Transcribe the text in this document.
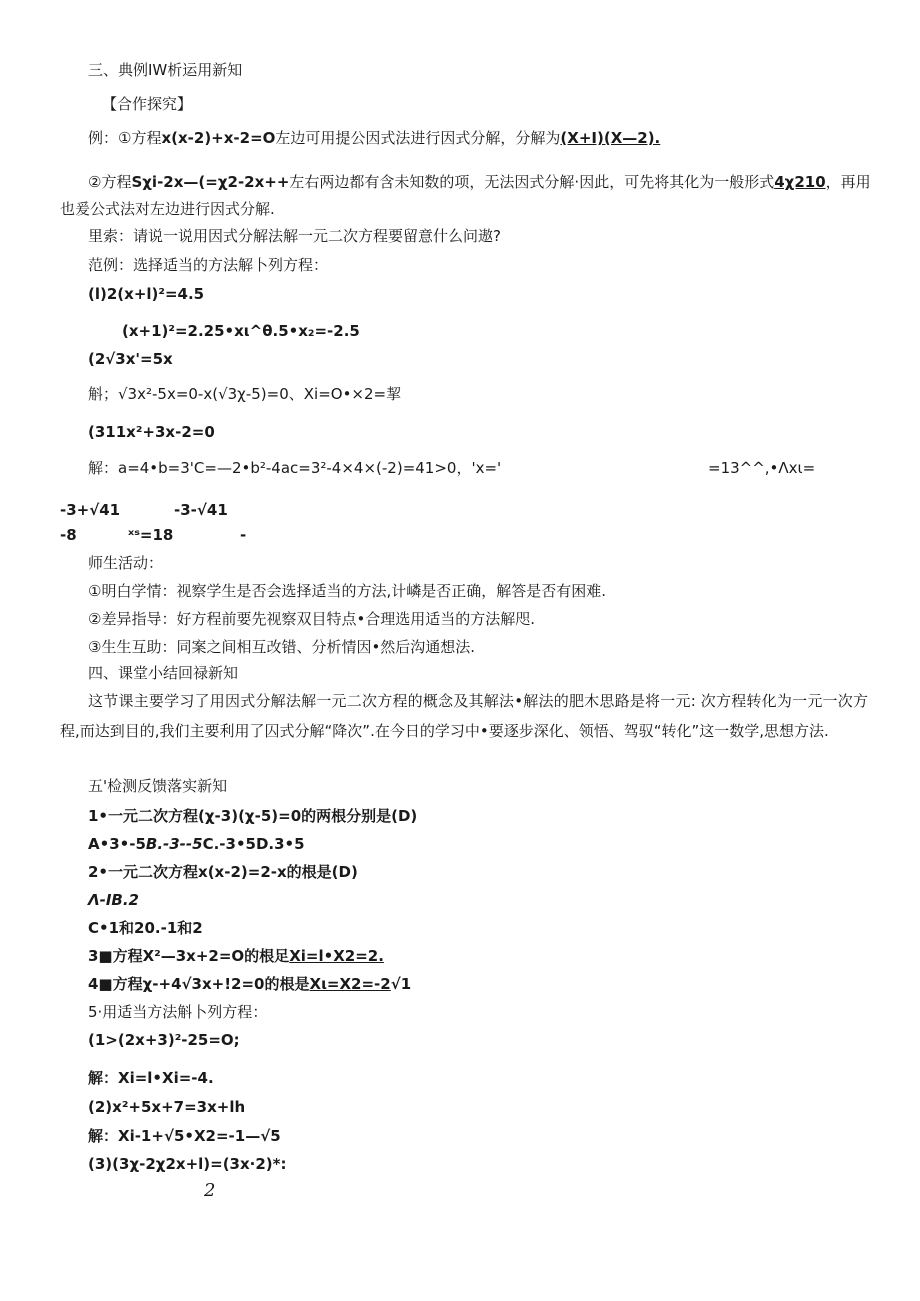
三、典例IW析运用新知
【合作探究】
例：①方程x(x-2)+x-2=O左边可用提公因式法进行因式分解，分解为(X+I)(X—2).
②方程Sχi-2x—(=χ2-2x++左右两边都有含未知数的项，无法因式分解·因此，可先将其化为一般形式4χ210，再用
也爰公式法对左边进行因式分解.
里索：请说一说用因式分解法解一元二次方程要留意什么问遨?
范例：选择适当的方法解卜列方程：
(l)2(x+l)²=4.5
(x+1)²=2.25•xι^θ.5•x₂=-2.5
(2√3x'=5x
斛；√3x²-5x=0-x(√3χ-5)=0、Xi=O•×2=挈
(311x²+3x-2=0
解：a=4•b=3'C=—2•b²-4ac=3²-4×4×(-2)=41>0，'x='	=13^^,•Λxι=
-3+√41	-3-√41
-8	ˣˢ=18	-
师生活动：
①明白学情：视察学生是否会选择适当的方法,计嶙是否正确，解答是否有困难.
②差异指导：好方程前要先视察双目特点•合理选用适当的方法解咫.
③生生互助：同案之间相互改错、分析情因•然后沟通想法.
四、课堂小结回禄新知
这节课主要学习了用因式分解法解一元二次方程的概念及其解法•解法的肥木思路是将一元: 次方程转化为一元一次方程,而达到目的,我们主要利用了囚式分解“降次”.在今日的学习中•要逐步深化、领悟、驾驭“转化”这一数学,思想方法.
五'检测反馈落实新知
1•一元二次方程(χ-3)(χ-5)=0的两根分别是(D)
A•3•-5B.-3--5C.-3•5D.3•5
2•一元二次方程x(x-2)=2-x的根是(D)
Λ-IB.2
C•1和20.-1和2
3■方程X²—3x+2=O的根足Xi=l•X2=2.
4■方程χ-+4√3x+!2=0的根是Xι=X2=-2√1
5·用适当方法斛卜列方程：
(1>(2x+3)²-25=O;
解：Xi=l•Xi=-4.
(2)x²+5x+7=3x+lh
解：Xi-1+√5•X2=-1—√5
(3)(3χ-2χ2x+l)=(3x·2)*:
2
